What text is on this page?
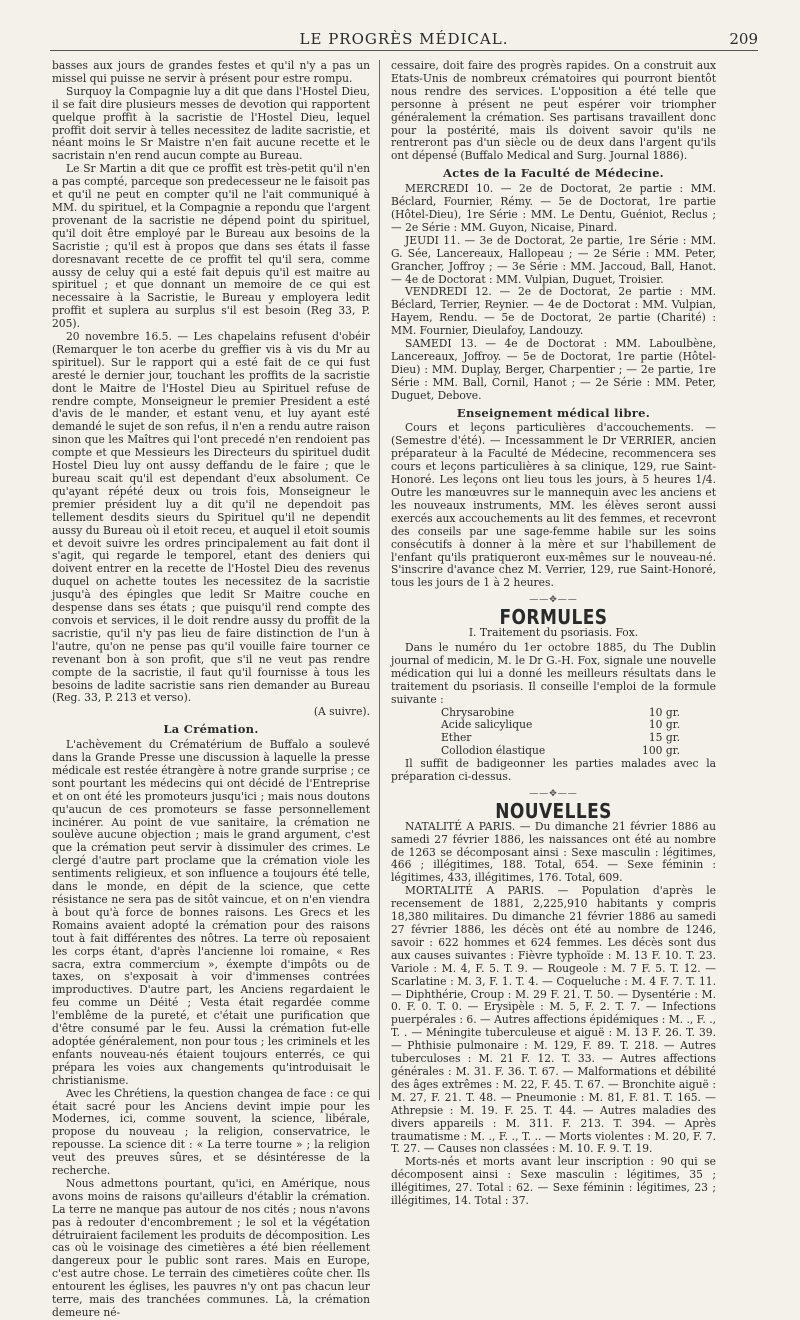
LE PROGRÈS MÉDICAL.	209

basses aux jours de grandes festes et qu'il n'y a pas un missel qui puisse ne servir à présent pour estre rompu.

Surquoy la Compagnie luy a dit que dans l'Hostel Dieu, il se fait dire plusieurs messes de devotion qui rapportent quelque proffit à la sacristie de l'Hostel Dieu, lequel proffit doit servir à telles necessitez de ladite sacristie, et néant moins le Sr Maistre n'en fait aucune recette et le sacristain n'en rend aucun compte au Bureau.

Le Sr Martin a dit que ce proffit est très-petit qu'il n'en a pas compté, parceque son predecesseur ne le faisoit pas et qu'il ne peut en compter qu'il ne l'ait communiqué à MM. du spirituel, et la Compagnie a repondu que l'argent provenant de la sacristie ne dépend point du spirituel, qu'il doit être employé par le Bureau aux besoins de la Sacristie ; qu'il est à propos que dans ses états il fasse doresnavant recette de ce proffit tel qu'il sera, comme aussy de celuy qui a esté fait depuis qu'il est maitre au spirituel ; et que donnant un memoire de ce qui est necessaire à la Sacristie, le Bureau y employera ledit proffit et suplera au surplus s'il est besoin (Reg 33, P. 205).

20 novembre 16.5. — Les chapelains refusent d'obéir (Remarquer le ton acerbe du greffier vis à vis du Mr au spirituel). Sur le rapport qui a esté fait de ce qui fust aresté le dernier jour, touchant les proffits de la sacristie dont le Maitre de l'Hostel Dieu au Spirituel refuse de rendre compte, Monseigneur le premier President a esté d'avis de le mander, et estant venu, et luy ayant esté demandé le sujet de son refus, il n'en a rendu autre raison sinon que les Maîtres qui l'ont precedé n'en rendoient pas compte et que Messieurs les Directeurs du spirituel dudit Hostel Dieu luy ont aussy deffandu de le faire ; que le bureau scait qu'il est dependant d'eux absolument. Ce qu'ayant répété deux ou trois fois, Monseigneur le premier président luy a dit qu'il ne dependoit pas tellement desdits sieurs du Spirituel qu'il ne dependit aussy du Bureau où il etoit receu, et auquel il etoit soumis et devoit suivre les ordres principalement au fait dont il s'agit, qui regarde le temporel, etant des deniers qui doivent entrer en la recette de l'Hostel Dieu des revenus duquel on achette toutes les necessitez de la sacristie jusqu'à des épingles que ledit Sr Maitre couche en despense dans ses états ; que puisqu'il rend compte des convois et services, il le doit rendre aussy du proffit de la sacristie, qu'il n'y pas lieu de faire distinction de l'un à l'autre, qu'on ne pense pas qu'il vouille faire tourner ce revenant bon à son profit, que s'il ne veut pas rendre compte de la sacristie, il faut qu'il fournisse à tous les besoins de ladite sacristie sans rien demander au Bureau (Reg. 33, P. 213 et verso).

(A suivre).
La Crémation.

L'achèvement du Crématérium de Buffalo a soulevé dans la Grande Presse une discussion à laquelle la presse médicale est restée étrangère à notre grande surprise ; ce sont pourtant les médecins qui ont décidé de l'Entreprise et on ont été les promoteurs jusqu'ici ; mais nous doutons qu'aucun de ces promoteurs se fasse personnellement incinérer. Au point de vue sanitaire, la crémation ne soulève aucune objection ; mais le grand argument, c'est que la crémation peut servir à dissimuler des crimes. Le clergé d'autre part proclame que la crémation viole les sentiments religieux, et son influence a toujours été telle, dans le monde, en dépit de la science, que cette résistance ne sera pas de sitôt vaincue, et on n'en viendra à bout qu'à force de bonnes raisons. Les Grecs et les Romains avaient adopté la crémation pour des raisons tout à fait différentes des nôtres. La terre où reposaient les corps étant, d'après l'ancienne loi romaine, « Res sacra, extra commercium », éxempte d'impôts ou de taxes, on s'exposait à voir d'immenses contrées improductives. D'autre part, les Anciens regardaient le feu comme un Déité ; Vesta était regardée comme l'emblême de la pureté, et c'était une purification que d'être consumé par le feu. Aussi la crémation fut-elle adoptée généralement, non pour tous ; les criminels et les enfants nouveau-nés étaient toujours enterrés, ce qui prépara les voies aux changements qu'introduisait le christianisme.

Avec les Chrétiens, la question changea de face : ce qui était sacré pour les Anciens devint impie pour les Modernes, ici, comme souvent, la science, libérale, propose du nouveau ; la religion, conservatrice, le repousse. La science dit : « La terre tourne » ; la religion veut des preuves sûres, et se désintéresse de la recherche.

Nous admettons pourtant, qu'ici, en Amérique, nous avons moins de raisons qu'ailleurs d'établir la crémation. La terre ne manque pas autour de nos cités ; nous n'avons pas à redouter d'encombrement ; le sol et la végétation détruiraient facilement les produits de décomposition. Les cas où le voisinage des cimetières a été bien réellement dangereux pour le public sont rares. Mais en Europe, c'est autre chose. Le terrain des cimetières coûte cher. Ils entourent les églises, les pauvres n'y ont pas chacun leur terre, mais des tranchées communes. Là, la crémation demeure né-

cessaire, doit faire des progrès rapides. On a construit aux Etats-Unis de nombreux crématoires qui pourront bientôt nous rendre des services. L'opposition a été telle que personne à présent ne peut espérer voir triompher généralement la crémation. Ses partisans travaillent donc pour la postérité, mais ils doivent savoir qu'ils ne rentreront pas d'un siècle ou de deux dans l'argent qu'ils ont dépensé (Buffalo Medical and Surg. Journal 1886).

Actes de la Faculté de Médecine.

MERCREDI 10. — 2e de Doctorat, 2e partie : MM. Béclard, Fournier, Rémy. — 5e de Doctorat, 1re partie (Hôtel-Dieu), 1re Série : MM. Le Dentu, Guéniot, Reclus ; — 2e Série : MM. Guyon, Nicaise, Pinard.

JEUDI 11. — 3e de Doctorat, 2e partie, 1re Série : MM. G. Sée, Lancereaux, Hallopeau ; — 2e Série : MM. Peter, Grancher, Joffroy ; — 3e Série : MM. Jaccoud, Ball, Hanot. — 4e de Doctorat : MM. Vulpian, Duguet, Troisier.

VENDREDI 12. — 2e de Doctorat, 2e partie : MM. Béclard, Terrier, Reynier. — 4e de Doctorat : MM. Vulpian, Hayem, Rendu. — 5e de Doctorat, 2e partie (Charité) : MM. Fournier, Dieulafoy, Landouzy.

SAMEDI 13. — 4e de Doctorat : MM. Laboulbène, Lancereaux, Joffroy. — 5e de Doctorat, 1re partie (Hôtel-Dieu) : MM. Duplay, Berger, Charpentier ; — 2e partie, 1re Série : MM. Ball, Cornil, Hanot ; — 2e Série : MM. Peter, Duguet, Debove.

Enseignement médical libre.

Cours et leçons particulières d'accouchements. — (Semestre d'été). — Incessamment le Dr VERRIER, ancien préparateur à la Faculté de Médecine, recommencera ses cours et leçons particulières à sa clinique, 129, rue Saint-Honoré. Les leçons ont lieu tous les jours, à 5 heures 1/4. Outre les manœuvres sur le mannequin avec les anciens et les nouveaux instruments, MM. les élèves seront aussi exercés aux accouchements au lit des femmes, et recevront des conseils par une sage-femme habile sur les soins consécutifs à donner à la mère et sur l'habillement de l'enfant qu'ils pratiqueront eux-mêmes sur le nouveau-né. S'inscrire d'avance chez M. Verrier, 129, rue Saint-Honoré, tous les jours de 1 à 2 heures.

——✥——
FORMULES
I. Traitement du psoriasis. Fox.

Dans le numéro du 1er octobre 1885, du The Dublin journal of medicin, M. le Dr G.-H. Fox, signale une nouvelle médication qui lui a donné les meilleurs résultats dans le traitement du psoriasis. Il conseille l'emploi de la formule suivante :

Chrysarobine	10 gr.
Acide salicylique	10 gr.
Ether	15 gr.
Collodion élastique	100 gr.

Il suffit de badigeonner les parties malades avec la préparation ci-dessus.

——✥——
NOUVELLES

NATALITÉ A PARIS. — Du dimanche 21 février 1886 au samedi 27 février 1886, les naissances ont été au nombre de 1263 se décomposant ainsi : Sexe masculin : légitimes, 466 ; illégitimes, 188. Total, 654. — Sexe féminin : légitimes, 433, illégitimes, 176. Total, 609.

MORTALITÉ A PARIS. — Population d'après le recensement de 1881, 2,225,910 habitants y compris 18,380 militaires. Du dimanche 21 février 1886 au samedi 27 février 1886, les décès ont été au nombre de 1246, savoir : 622 hommes et 624 femmes. Les décès sont dus aux causes suivantes : Fièvre typhoïde : M. 13 F. 10. T. 23. Variole : M. 4, F. 5. T. 9. — Rougeole : M. 7 F. 5. T. 12. — Scarlatine : M. 3, F. 1. T. 4. — Coqueluche : M. 4 F. 7. T. 11. — Diphthérie, Croup : M. 29 F. 21. T. 50. — Dysentérie : M. 0. F. 0. T. 0. — Erysipèle : M. 5, F. 2. T. 7. — Infections puerpérales : 6. — Autres affections épidémiques : M. ., F. ., T. . — Méningite tuberculeuse et aiguë : M. 13 F. 26. T. 39. — Phthisie pulmonaire : M. 129, F. 89. T. 218. — Autres tuberculoses : M. 21 F. 12. T. 33. — Autres affections générales : M. 31. F. 36. T. 67. — Malformations et débilité des âges extrêmes : M. 22, F. 45. T. 67. — Bronchite aiguë : M. 27, F. 21. T. 48. — Pneumonie : M. 81, F. 81. T. 165. — Athrepsie : M. 19. F. 25. T. 44. — Autres maladies des divers appareils : M. 311. F. 213. T. 394. — Après traumatisme : M. ., F. ., T. .. — Morts violentes : M. 20, F. 7. T. 27. — Causes non classées : M. 10. F. 9. T. 19.

Morts-nés et morts avant leur inscription : 90 qui se décomposent ainsi : Sexe masculin : légitimes, 35 ; illégitimes, 27. Total : 62. — Sexe féminin : légitimes, 23 ; illégitimes, 14. Total : 37.
